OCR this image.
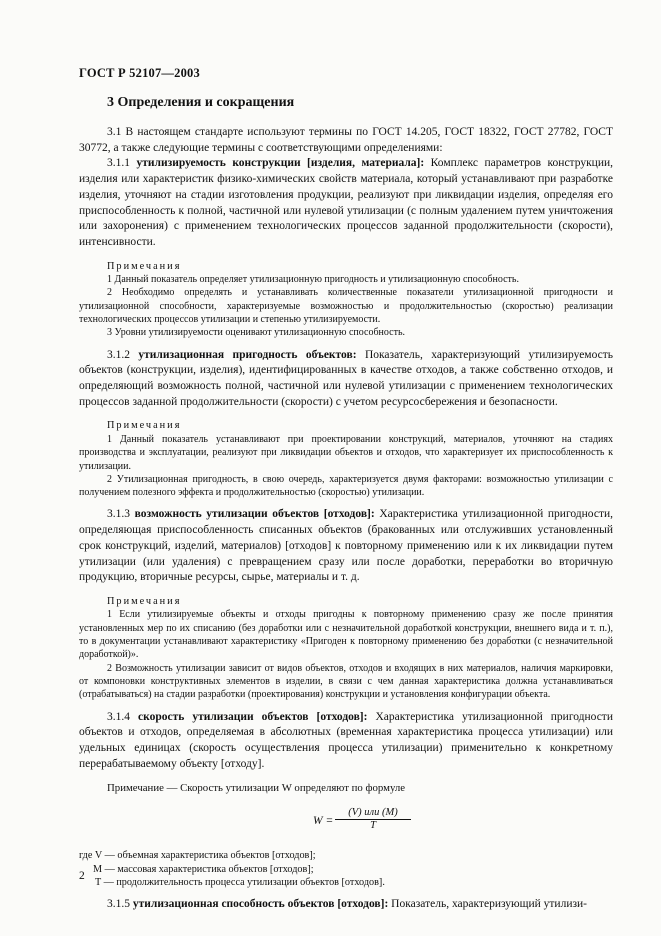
ГОСТ Р 52107—2003
3 Определения и сокращения

3.1 В настоящем стандарте используют термины по ГОСТ 14.205, ГОСТ 18322, ГОСТ 27782, ГОСТ 30772, а также следующие термины с соответствующими определениями:

3.1.1 утилизируемость конструкции [изделия, материала]: Комплекс параметров конструкции, изделия или характеристик физико-химических свойств материала, который устанавливают при разработке изделия, уточняют на стадии изготовления продукции, реализуют при ликвидации изделия, определяя его приспособленность к полной, частичной или нулевой утилизации (с полным удалением путем уничтожения или захоронения) с применением технологических процессов заданной продолжительности (скорости), интенсивности.

Примечания

1 Данный показатель определяет утилизационную пригодность и утилизационную способность.

2 Необходимо определять и устанавливать количественные показатели утилизационной пригодности и утилизационной способности, характеризуемые возможностью и продолжительностью (скоростью) реализации технологических процессов утилизации и степенью утилизируемости.

3 Уровни утилизируемости оценивают утилизационную способность.

3.1.2 утилизационная пригодность объектов: Показатель, характеризующий утилизируемость объектов (конструкции, изделия), идентифицированных в качестве отходов, а также собственно отходов, и определяющий возможность полной, частичной или нулевой утилизации с применением технологических процессов заданной продолжительности (скорости) с учетом ресурсосбережения и безопасности.

Примечания

1 Данный показатель устанавливают при проектировании конструкций, материалов, уточняют на стадиях производства и эксплуатации, реализуют при ликвидации объектов и отходов, что характеризует их приспособленность к утилизации.

2 Утилизационная пригодность, в свою очередь, характеризуется двумя факторами: возможностью утилизации с получением полезного эффекта и продолжительностью (скоростью) утилизации.

3.1.3 возможность утилизации объектов [отходов]: Характеристика утилизационной пригодности, определяющая приспособленность списанных объектов (бракованных или отслуживших установленный срок конструкций, изделий, материалов) [отходов] к повторному применению или к их ликвидации путем утилизации (или удаления) с превращением сразу или после доработки, переработки во вторичную продукцию, вторичные ресурсы, сырье, материалы и т. д.

Примечания

1 Если утилизируемые объекты и отходы пригодны к повторному применению сразу же после принятия установленных мер по их списанию (без доработки или с незначительной доработкой конструкции, внешнего вида и т. п.), то в документации устанавливают характеристику «Пригоден к повторному применению без доработки (с незначительной доработкой)».

2 Возможность утилизации зависит от видов объектов, отходов и входящих в них материалов, наличия маркировки, от компоновки конструктивных элементов в изделии, в связи с чем данная характеристика должна устанавливаться (отрабатываться) на стадии разработки (проектирования) конструкции и установления конфигурации объекта.

3.1.4 скорость утилизации объектов [отходов]: Характеристика утилизационной пригодности объектов и отходов, определяемая в абсолютных (временная характеристика процесса утилизации) или удельных единицах (скорость осуществления процесса утилизации) применительно к конкретному перерабатываемому объекту [отходу].

Примечание — Скорость утилизации W определяют по формуле

W =
(V) или (M)
T
где V — объемная характеристика объектов [отходов];
M — массовая характеристика объектов [отходов];
T — продолжительность процесса утилизации объектов [отходов].

3.1.5 утилизационная способность объектов [отходов]: Показатель, характеризующий утилизи-

2
